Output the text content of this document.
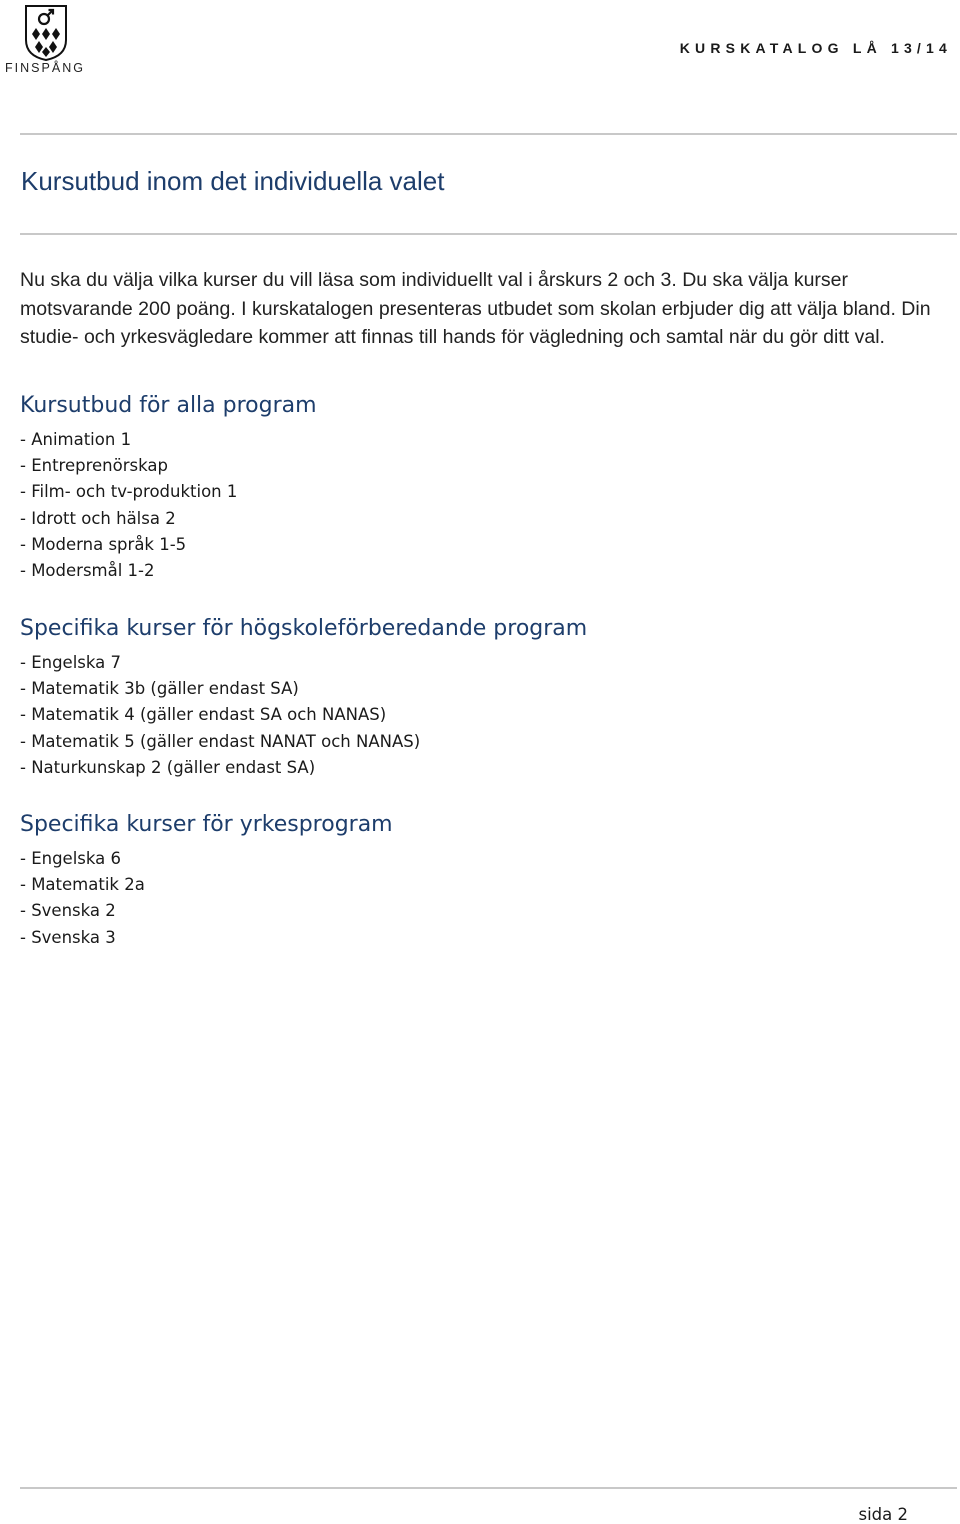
FINSPÅNG
KURSKATALOG LÅ 13/14
Kursutbud inom det individuella valet

Nu ska du välja vilka kurser du vill läsa som individuellt val i årskurs 2 och 3. Du ska välja kurser motsvarande 200 poäng. I kurskatalogen presenteras utbudet som skolan erbjuder dig att välja bland. Din studie- och yrkesvägledare kommer att finnas till hands för vägledning och samtal när du gör ditt val.

Kursutbud för alla program
- Animation 1
- Entreprenörskap
- Film- och tv-produktion 1
- Idrott och hälsa 2
- Moderna språk 1-5
- Modersmål 1-2
Specifika kurser för högskoleförberedande program
- Engelska 7
- Matematik 3b (gäller endast SA)
- Matematik 4 (gäller endast SA och NANAS)
- Matematik 5 (gäller endast NANAT och NANAS)
- Naturkunskap 2 (gäller endast SA)
Specifika kurser för yrkesprogram
- Engelska 6
- Matematik 2a
- Svenska 2
- Svenska 3
sida 2
